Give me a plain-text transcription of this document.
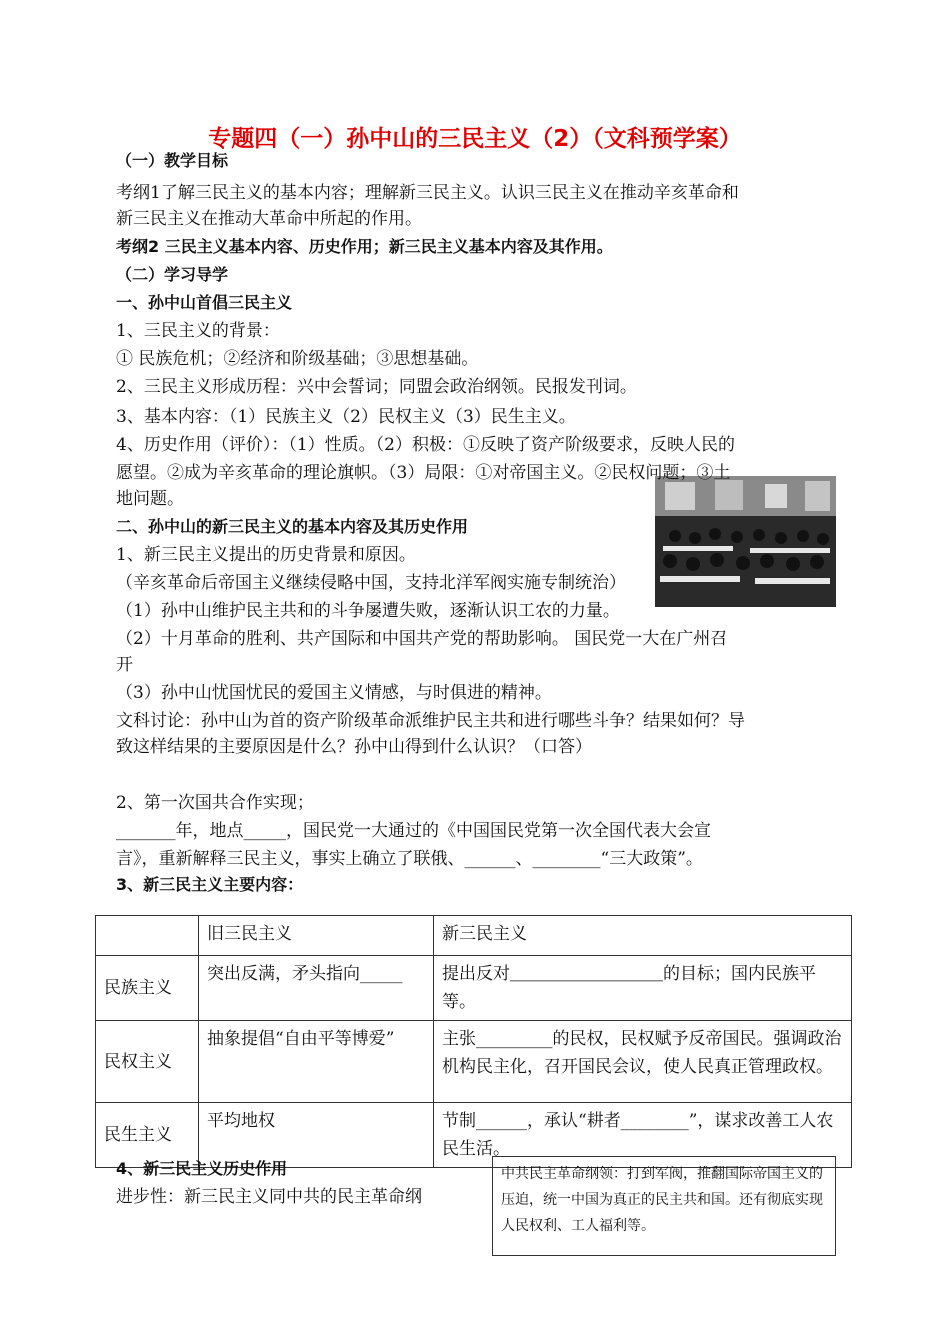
专题四（一）孙中山的三民主义（2）（文科预学案）
（一）教学目标
考纲1了解三民主义的基本内容；理解新三民主义。认识三民主义在推动辛亥革命和
新三民主义在推动大革命中所起的作用。
考纲2 三民主义基本内容、历史作用；新三民主义基本内容及其作用。
（二）学习导学
一、孙中山首倡三民主义
1、三民主义的背景：
① 民族危机；②经济和阶级基础；③思想基础。
2、三民主义形成历程：兴中会誓词；同盟会政治纲领。民报发刊词。
3、基本内容：（1）民族主义（2）民权主义（3）民生主义。
4、历史作用（评价）：（1）性质。（2）积极：①反映了资产阶级要求，反映人民的
愿望。②成为辛亥革命的理论旗帜。（3）局限：①对帝国主义。②民权问题；③土
地问题。
二、孙中山的新三民主义的基本内容及其历史作用
1、新三民主义提出的历史背景和原因。
（辛亥革命后帝国主义继续侵略中国，支持北洋军阀实施专制统治）
（1）孙中山维护民主共和的斗争屡遭失败，逐渐认识工农的力量。
（2）十月革命的胜利、共产国际和中国共产党的帮助影响。 国民党一大在广州召
开
（3）孙中山忧国忧民的爱国主义情感，与时俱进的精神。
文科讨论：孙中山为首的资产阶级革命派维护民主共和进行哪些斗争？结果如何？导
致这样结果的主要原因是什么？孙中山得到什么认识？（口答）
2、第一次国共合作实现；
_______年，地点_____，国民党一大通过的《中国国民党第一次全国代表大会宣
言》，重新解释三民主义，事实上确立了联俄、______、________“三大政策”。
3、新三民主义主要内容：
	旧三民主义	新三民主义
民族主义	突出反满，矛头指向_____	提出反对＿＿＿＿＿＿＿＿＿的目标；国内民族平等。
民权主义	抽象提倡“自由平等博爱”	主张_________的民权，民权赋予反帝国民。强调政治机构民主化，召开国民会议，使人民真正管理政权。
民生主义	平均地权	节制______，承认“耕者________”，谋求改善工人农民生活。
4、新三民主义历史作用
进步性：新三民主义同中共的民主革命纲
中共民主革命纲领：打到军阀，推翻国际帝国主义的压迫，统一中国为真正的民主共和国。还有彻底实现人民权利、工人福利等。
